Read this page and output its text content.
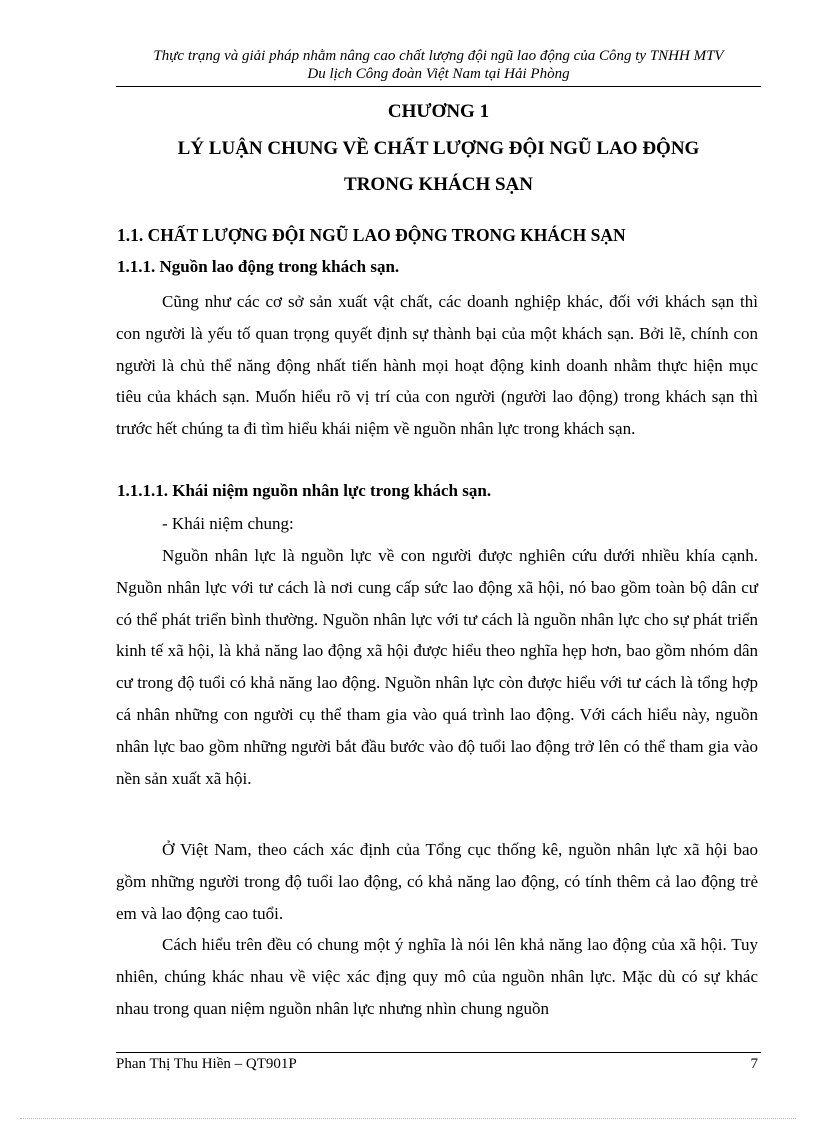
Thực trạng và giải pháp nhằm nâng cao chất lượng đội ngũ lao động của Công ty TNHH MTV
Du lịch Công đoàn Việt Nam tại Hải Phòng
CHƯƠNG 1
LÝ LUẬN CHUNG VỀ CHẤT LƯỢNG ĐỘI NGŨ LAO ĐỘNG
TRONG KHÁCH SẠN
1.1. CHẤT LƯỢNG ĐỘI NGŨ LAO ĐỘNG TRONG KHÁCH SẠN
1.1.1. Nguồn lao động trong khách sạn.

Cũng như các cơ sở sản xuất vật chất, các doanh nghiệp khác, đối với khách sạn thì con người là yếu tố quan trọng quyết định sự thành bại của một khách sạn. Bởi lẽ, chính con người là chủ thể năng động nhất tiến hành mọi hoạt động kinh doanh nhằm thực hiện mục tiêu của khách sạn. Muốn hiểu rõ vị trí của con người (người lao động) trong khách sạn thì trước hết chúng ta đi tìm hiểu khái niệm về nguồn nhân lực trong khách sạn.

1.1.1.1. Khái niệm nguồn nhân lực trong khách sạn.
- Khái niệm chung:

Nguồn nhân lực là nguồn lực về con người được nghiên cứu dưới nhiều khía cạnh. Nguồn nhân lực với tư cách là nơi cung cấp sức lao động xã hội, nó bao gồm toàn bộ dân cư có thể phát triển bình thường. Nguồn nhân lực với tư cách là nguồn nhân lực cho sự phát triển kinh tế xã hội, là khả năng lao động xã hội được hiểu theo nghĩa hẹp hơn, bao gồm nhóm dân cư trong độ tuổi có khả năng lao động. Nguồn nhân lực còn được hiểu với tư cách là tổng hợp cá nhân những con người cụ thể tham gia vào quá trình lao động. Với cách hiểu này, nguồn nhân lực bao gồm những người bắt đầu bước vào độ tuổi lao động trở lên có thể tham gia vào nền sản xuất xã hội.

Ở Việt Nam, theo cách xác định của Tổng cục thống kê, nguồn nhân lực xã hội bao gồm những người trong độ tuổi lao động, có khả năng lao động, có tính thêm cả lao động trẻ em và lao động cao tuổi.

Cách hiểu trên đều có chung một ý nghĩa là nói lên khả năng lao động của xã hội. Tuy nhiên, chúng khác nhau về việc xác địng quy mô của nguồn nhân lực. Mặc dù có sự khác nhau trong quan niệm nguồn nhân lực nhưng nhìn chung nguồn

Phan Thị Thu Hiền – QT901P	7
